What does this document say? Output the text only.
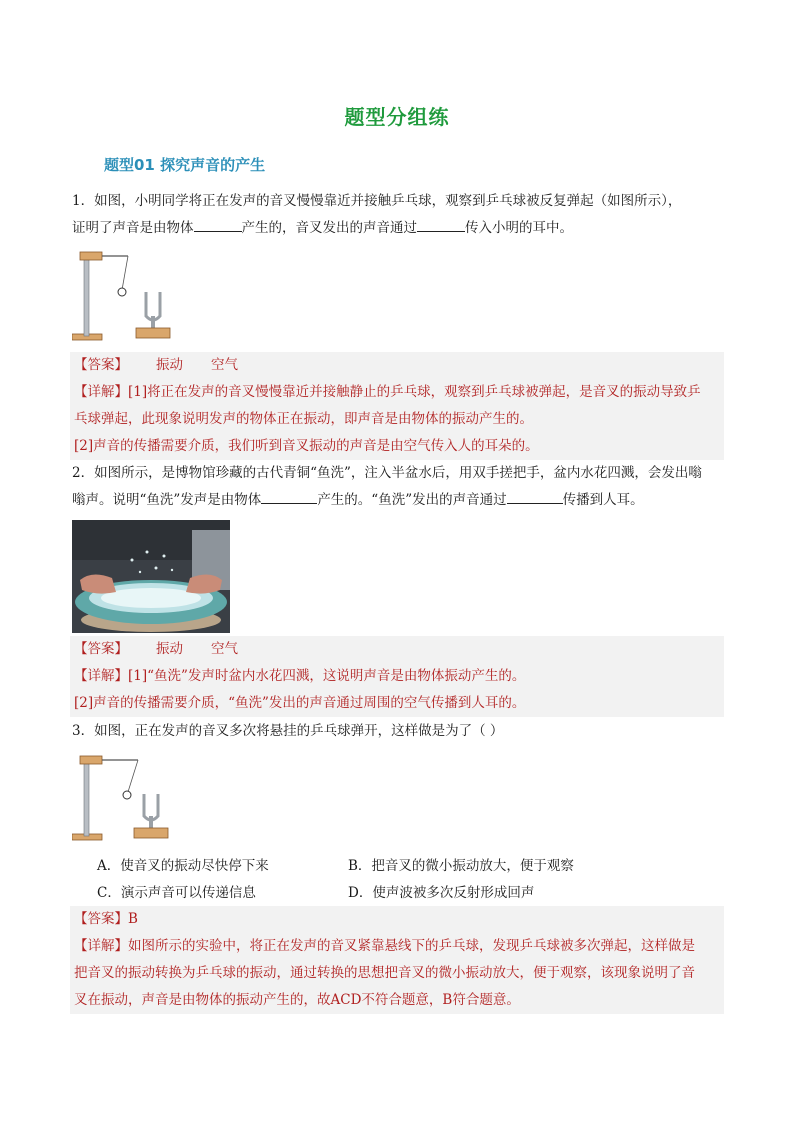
题型分组练
题型01 探究声音的产生
1．如图，小明同学将正在发声的音叉慢慢靠近并接触乒乓球，观察到乒乓球被反复弹起（如图所示），
证明了声音是由物体	产生的，音叉发出的声音通过	传入小明的耳中。
【答案】 振动 空气
【详解】[1]将正在发声的音叉慢慢靠近并接触静止的乒乓球，观察到乒乓球被弹起，是音叉的振动导致乒
乓球弹起，此现象说明发声的物体正在振动，即声音是由物体的振动产生的。
[2]声音的传播需要介质，我们听到音叉振动的声音是由空气传入人的耳朵的。
2．如图所示，是博物馆珍藏的古代青铜“鱼洗”，注入半盆水后，用双手搓把手，盆内水花四溅，会发出嗡
嗡声。说明“鱼洗”发声是由物体	产生的。“鱼洗”发出的声音通过	传播到人耳。
【答案】 振动 空气
【详解】[1]“鱼洗”发声时盆内水花四溅，这说明声音是由物体振动产生的。
[2]声音的传播需要介质，“鱼洗”发出的声音通过周围的空气传播到人耳的。
3．如图，正在发声的音叉多次将悬挂的乒乓球弹开，这样做是为了（ ）
A．使音叉的振动尽快停下来	B．把音叉的微小振动放大，便于观察
C．演示声音可以传递信息	D．使声波被多次反射形成回声
【答案】B
【详解】如图所示的实验中，将正在发声的音叉紧靠悬线下的乒乓球，发现乒乓球被多次弹起，这样做是
把音叉的振动转换为乒乓球的振动，通过转换的思想把音叉的微小振动放大，便于观察，该现象说明了音
叉在振动，声音是由物体的振动产生的，故ACD不符合题意，B符合题意。
